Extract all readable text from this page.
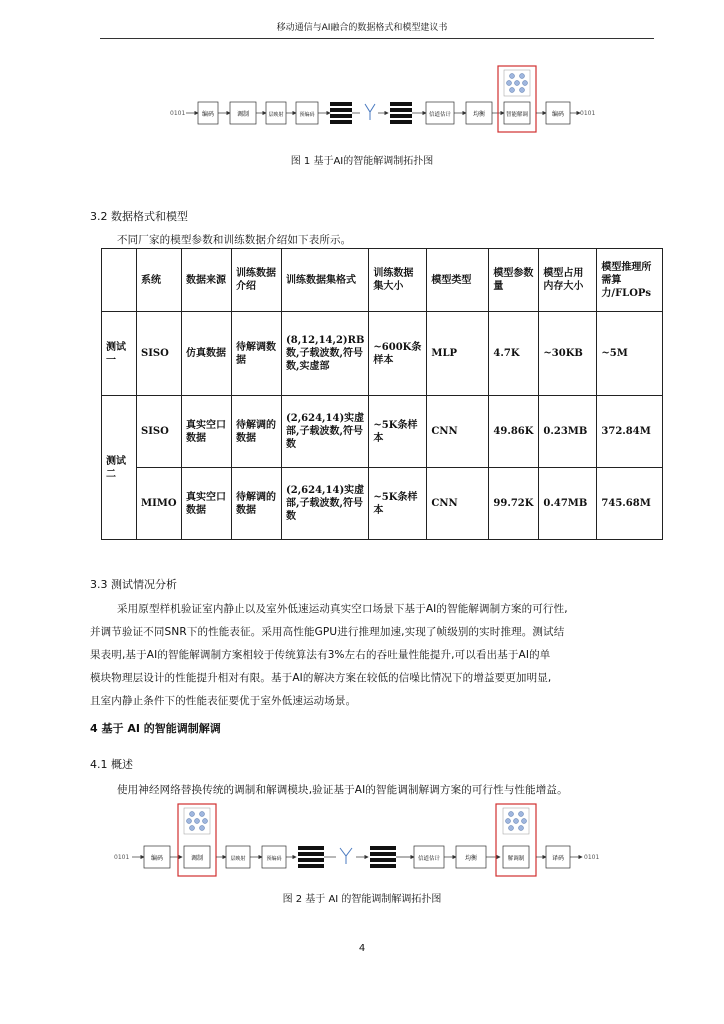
移动通信与AI融合的数据格式和模型建议书
0101	编码	调制	层映射	预编码	信道估计	均衡	智能解调	编码	0101
图 1 基于AI的智能解调制拓扑图
3.2 数据格式和模型
不同厂家的模型参数和训练数据介绍如下表所示。
	系统	数据来源	训练数据介绍	训练数据集格式	训练数据集大小	模型类型	模型参数量	模型占用内存大小	模型推理所需算力/FLOPs
测试一	SISO	仿真数据	待解调数据	(8,12,14,2)RB数,子载波数,符号数,实虚部	~600K条样本	MLP	4.7K	~30KB	~5M
测试二	SISO	真实空口数据	待解调的数据	(2,624,14)实虚部,子载波数,符号数	~5K条样本	CNN	49.86K	0.23MB	372.84M
	MIMO	真实空口数据	待解调的数据	(2,624,14)实虚部,子载波数,符号数	~5K条样本	CNN	99.72K	0.47MB	745.68M
3.3 测试情况分析
采用原型样机验证室内静止以及室外低速运动真实空口场景下基于AI的智能解调制方案的可行性,
并调节验证不同SNR下的性能表征。采用高性能GPU进行推理加速,实现了帧级别的实时推理。测试结
果表明,基于AI的智能解调制方案相较于传统算法有3%左右的吞吐量性能提升,可以看出基于AI的单
模块物理层设计的性能提升相对有限。基于AI的解决方案在较低的信噪比情况下的增益要更加明显,
且室内静止条件下的性能表征要优于室外低速运动场景。
4 基于 AI 的智能调制解调
4.1 概述
使用神经网络替换传统的调制和解调模块,验证基于AI的智能调制解调方案的可行性与性能增益。
0101	编码	调制	层映射	预编码	信道估计	均衡	解调制	译码	0101
图 2 基于 AI 的智能调制解调拓扑图
4
